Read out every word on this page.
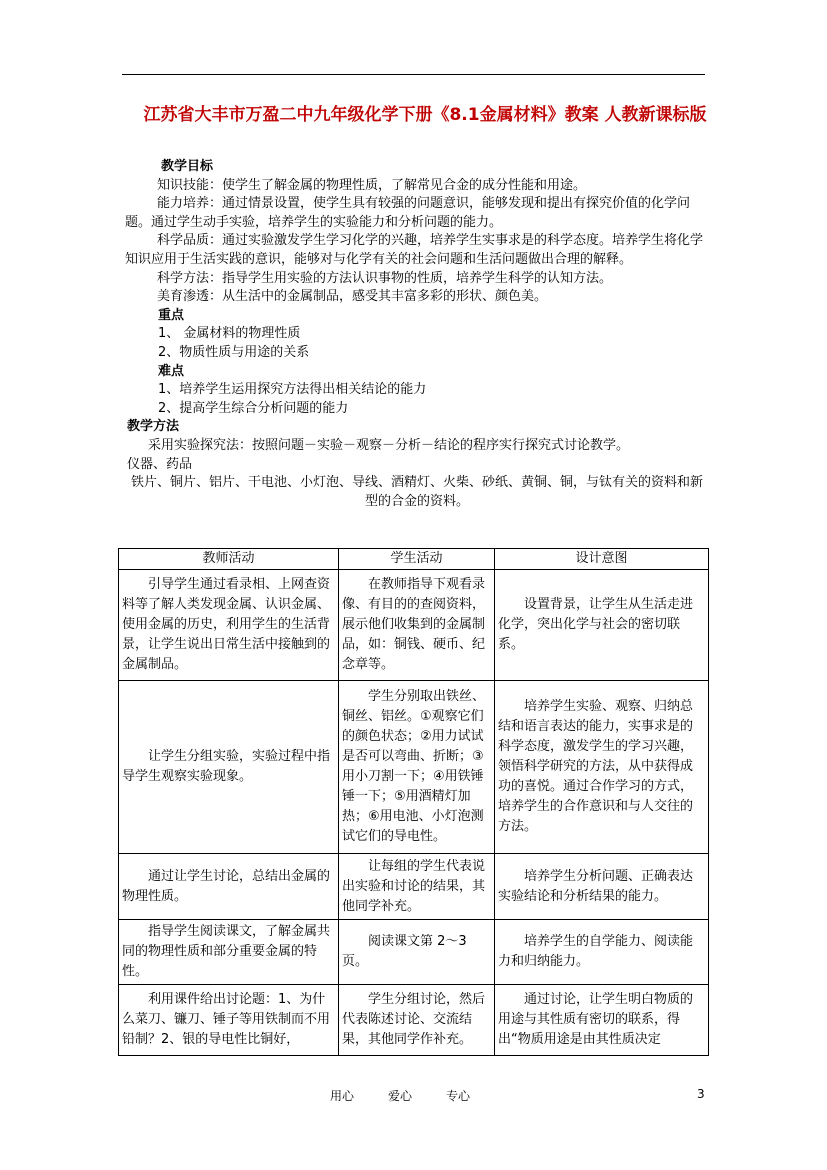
江苏省大丰市万盈二中九年级化学下册《8.1金属材料》教案 人教新课标版

教学目标

知识技能：使学生了解金属的物理性质，了解常见合金的成分性能和用途。

能力培养：通过情景设置，使学生具有较强的问题意识，能够发现和提出有探究价值的化学问题。通过学生动手实验，培养学生的实验能力和分析问题的能力。

科学品质：通过实验激发学生学习化学的兴趣，培养学生实事求是的科学态度。培养学生将化学知识应用于生活实践的意识，能够对与化学有关的社会问题和生活问题做出合理的解释。

科学方法：指导学生用实验的方法认识事物的性质，培养学生科学的认知方法。

美育渗透：从生活中的金属制品，感受其丰富多彩的形状、颜色美。

重点

1、 金属材料的物理性质

2、物质性质与用途的关系

难点

1、培养学生运用探究方法得出相关结论的能力

2、提高学生综合分析问题的能力

教学方法

采用实验探究法：按照问题－实验－观察－分析－结论的程序实行探究式讨论教学。

仪器、药品

铁片、铜片、铝片、干电池、小灯泡、导线、酒精灯、火柴、砂纸、黄铜、铜，与钛有关的资料和新型的合金的资料。

教师活动	学生活动	设计意图
引导学生通过看录相、上网查资料等了解人类发现金属、认识金属、使用金属的历史，利用学生的生活背景，让学生说出日常生活中接触到的金属制品。	在教师指导下观看录像、有目的的查阅资料，展示他们收集到的金属制品，如：铜钱、硬币、纪念章等。	设置背景，让学生从生活走进化学，突出化学与社会的密切联系。
让学生分组实验，实验过程中指导学生观察实验现象。	学生分别取出铁丝、铜丝、铝丝。①观察它们的颜色状态；②用力试试是否可以弯曲、折断；③用小刀割一下；④用铁锤锤一下；⑤用酒精灯加热；⑥用电池、小灯泡测试它们的导电性。	培养学生实验、观察、归纳总结和语言表达的能力，实事求是的科学态度，激发学生的学习兴趣，领悟科学研究的方法，从中获得成功的喜悦。通过合作学习的方式，培养学生的合作意识和与人交往的方法。
通过让学生讨论，总结出金属的物理性质。	让每组的学生代表说出实验和讨论的结果，其他同学补充。	培养学生分析问题、正确表达实验结论和分析结果的能力。
指导学生阅读课文，了解金属共同的物理性质和部分重要金属的特性。	阅读课文第 2～3页。	培养学生的自学能力、阅读能力和归纳能力。
利用课件给出讨论题：1、为什么菜刀、镰刀、锤子等用铁制而不用铅制？2、银的导电性比铜好，	学生分组讨论，然后代表陈述讨论、交流结果，其他同学作补充。	通过讨论，让学生明白物质的用途与其性质有密切的联系，得出“物质用途是由其性质决定
用心	爱心	专心	3
